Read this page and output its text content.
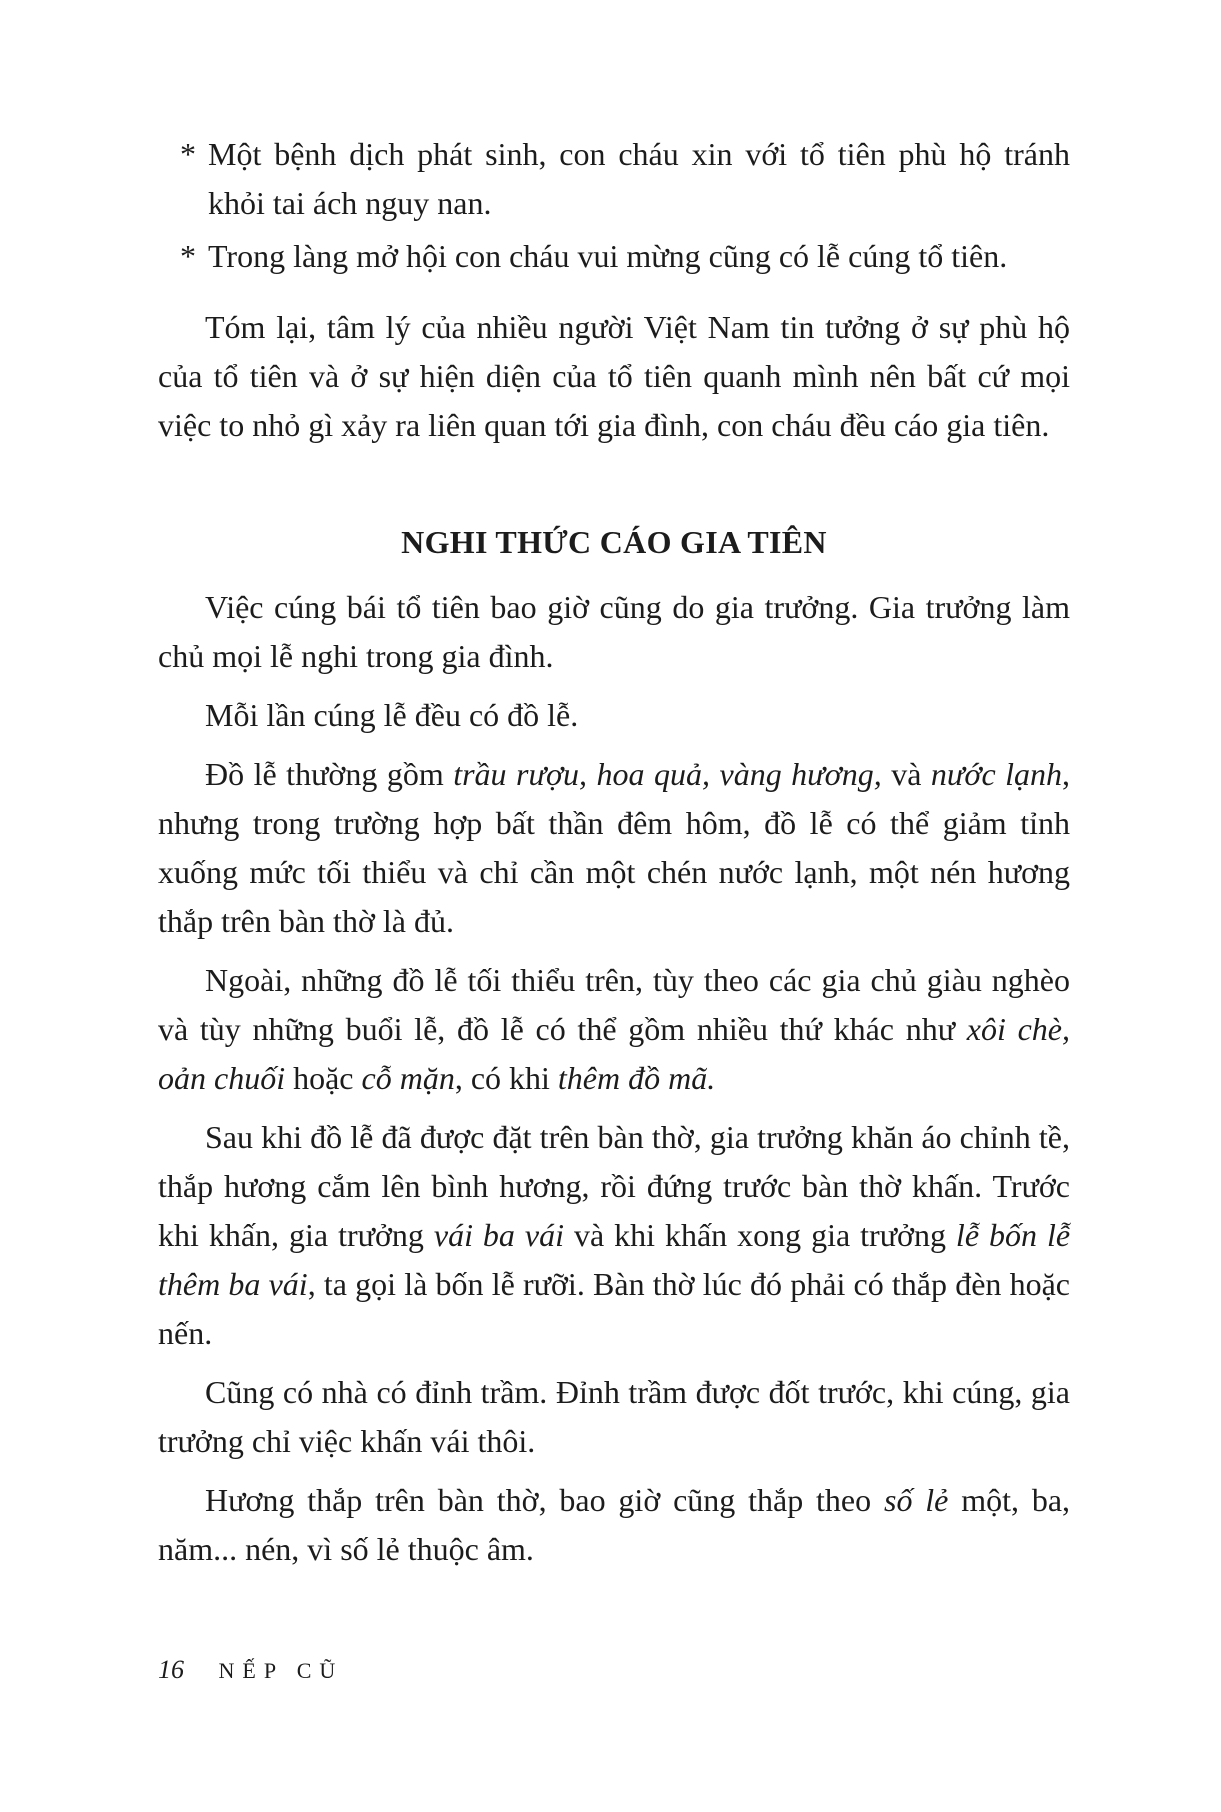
* Một bệnh dịch phát sinh, con cháu xin với tổ tiên phù hộ tránh khỏi tai ách nguy nan.
* Trong làng mở hội con cháu vui mừng cũng có lễ cúng tổ tiên.

Tóm lại, tâm lý của nhiều người Việt Nam tin tưởng ở sự phù hộ của tổ tiên và ở sự hiện diện của tổ tiên quanh mình nên bất cứ mọi việc to nhỏ gì xảy ra liên quan tới gia đình, con cháu đều cáo gia tiên.

NGHI THỨC CÁO GIA TIÊN

Việc cúng bái tổ tiên bao giờ cũng do gia trưởng. Gia trưởng làm chủ mọi lễ nghi trong gia đình.

Mỗi lần cúng lễ đều có đồ lễ.

Đồ lễ thường gồm trầu rượu, hoa quả, vàng hương, và nước lạnh, nhưng trong trường hợp bất thần đêm hôm, đồ lễ có thể giảm tỉnh xuống mức tối thiểu và chỉ cần một chén nước lạnh, một nén hương thắp trên bàn thờ là đủ.

Ngoài, những đồ lễ tối thiểu trên, tùy theo các gia chủ giàu nghèo và tùy những buổi lễ, đồ lễ có thể gồm nhiều thứ khác như xôi chè, oản chuối hoặc cỗ mặn, có khi thêm đồ mã.

Sau khi đồ lễ đã được đặt trên bàn thờ, gia trưởng khăn áo chỉnh tề, thắp hương cắm lên bình hương, rồi đứng trước bàn thờ khấn. Trước khi khấn, gia trưởng vái ba vái và khi khấn xong gia trưởng lễ bốn lễ thêm ba vái, ta gọi là bốn lễ rưỡi. Bàn thờ lúc đó phải có thắp đèn hoặc nến.

Cũng có nhà có đỉnh trầm. Đỉnh trầm được đốt trước, khi cúng, gia trưởng chỉ việc khấn vái thôi.

Hương thắp trên bàn thờ, bao giờ cũng thắp theo số lẻ một, ba, năm... nén, vì số lẻ thuộc âm.

16 NẾP CŨ
